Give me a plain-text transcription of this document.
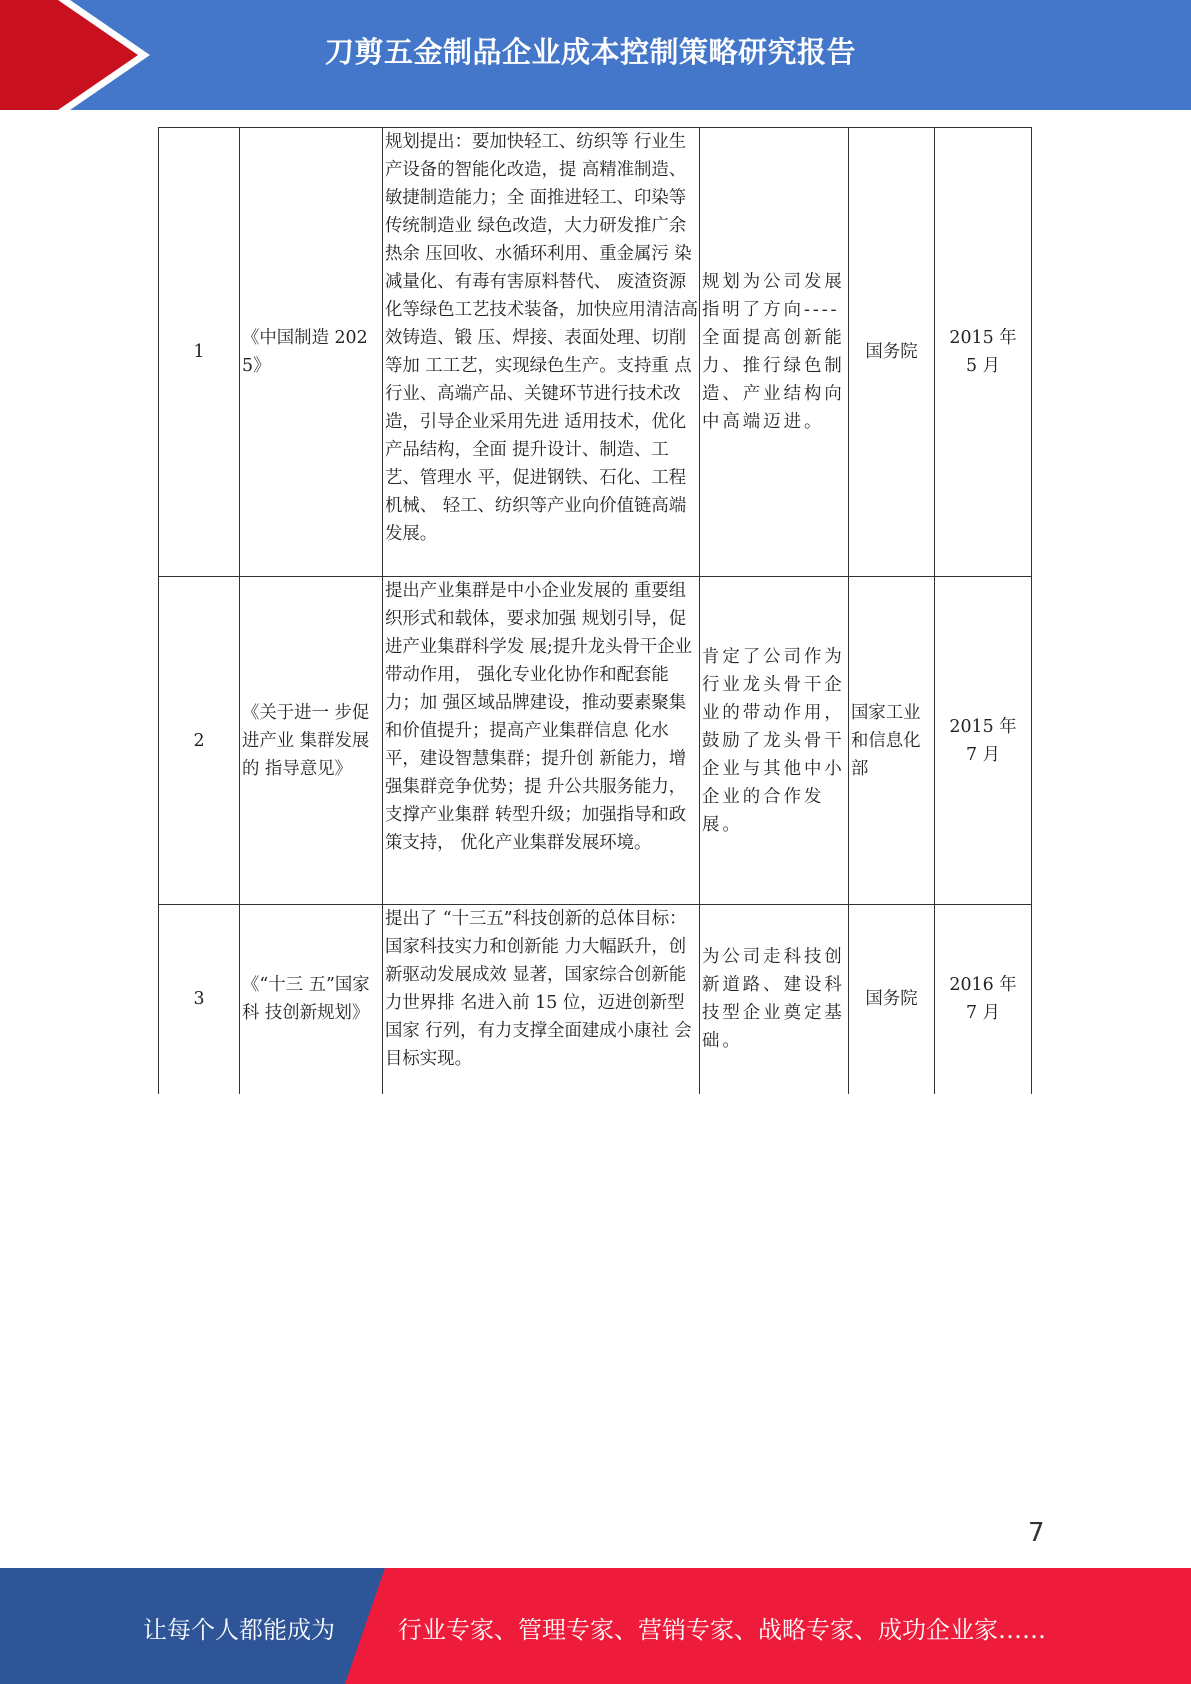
刀剪五金制品企业成本控制策略研究报告
1	《中国制造 2025》	规划提出：要加快轻工、纺织等 行业生产设备的智能化改造，提 高精准制造、敏捷制造能力；全 面推进轻工、印染等传统制造业 绿色改造，大力研发推广余热余 压回收、水循环利用、重金属污 染减量化、有毒有害原料替代、 废渣资源化等绿色工艺技术装备，加快应用清洁高效铸造、锻 压、焊接、表面处理、切削等加 工工艺，实现绿色生产。支持重 点行业、高端产品、关键环节进行技术改造，引导企业采用先进 适用技术，优化产品结构，全面 提升设计、制造、工艺、管理水 平，促进钢铁、石化、工程机械、 轻工、纺织等产业向价值链高端 发展。	规划为公司发展指明了方向----全面提高创新能力、推行绿色制造、产业结构向中高端迈进。	国务院	2015 年
5 月

2	《关于进一 步促进产业 集群发展的 指导意见》	提出产业集群是中小企业发展的 重要组织形式和载体，要求加强 规划引导，促进产业集群科学发 展;提升龙头骨干企业带动作用， 强化专业化协作和配套能力；加 强区域品牌建设，推动要素聚集 和价值提升；提高产业集群信息 化水平，建设智慧集群；提升创 新能力，增强集群竞争优势；提 升公共服务能力，支撑产业集群 转型升级；加强指导和政策支持， 优化产业集群发展环境。	肯定了公司作为行业龙头骨干企业的带动作用，鼓励了龙头骨干企业与其他中小企业的合作发 展。	国家工业和信息化部	2015 年
7 月

3	《“十三 五”国家科 技创新规划》	提出了 “十三五”科技创新的总体目标：国家科技实力和创新能 力大幅跃升，创新驱动发展成效 显著，国家综合创新能力世界排 名进入前 15 位，迈进创新型国家 行列，有力支撑全面建成小康社 会目标实现。	为公司走科技创新道路、建设科技型企业奠定基础。	国务院	2016 年
7 月
7
让每个人都能成为	行业专家、管理专家、营销专家、战略专家、成功企业家……
